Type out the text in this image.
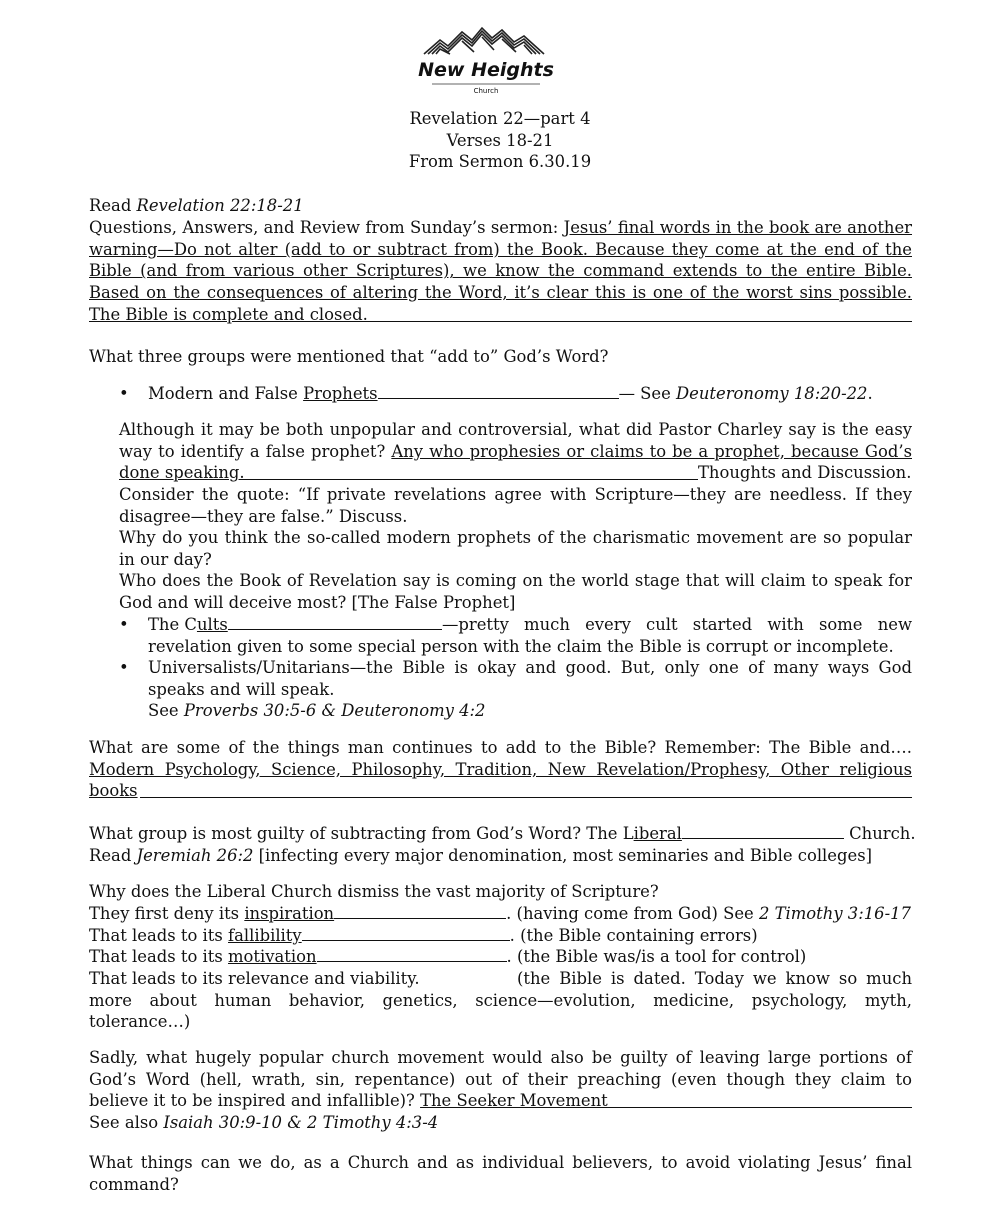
New Heights
Church
Revelation 22—part 4
Verses 18-21
From Sermon 6.30.19
Read Revelation 22:18-21
Questions, Answers, and Review from Sunday’s sermon: Jesus’ final words in the book are another warning—Do not alter (add to or subtract from) the Book. Because they come at the end of the Bible (and from various other Scriptures), we know the command extends to the entire Bible. Based on the consequences of altering the Word, it’s clear this is one of the worst sins possible. The Bible is complete and closed.
What three groups were mentioned that “add to” God’s Word?
• Modern and False Prophets	— See Deuteronomy 18:20-22.
Although it may be both unpopular and controversial, what did Pastor Charley say is the easy way to identify a false prophet? Any who prophesies or claims to be a prophet, because God’s done speaking.	Thoughts and Discussion.
Consider the quote: “If private revelations agree with Scripture—they are needless. If they disagree—they are false.” Discuss.
Why do you think the so-called modern prophets of the charismatic movement are so popular in our day?
Who does the Book of Revelation say is coming on the world stage that will claim to speak for God and will deceive most? [The False Prophet]
• The Cults	—pretty much every cult started with some new revelation given to some special person with the claim the Bible is corrupt or incomplete.
• Universalists/Unitarians—the Bible is okay and good. But, only one of many ways God speaks and will speak.
See Proverbs 30:5-6 & Deuteronomy 4:2
What are some of the things man continues to add to the Bible? Remember: The Bible and…. Modern Psychology, Science, Philosophy, Tradition, New Revelation/Prophesy, Other religious books
What group is most guilty of subtracting from God’s Word? The Liberal	Church.
Read Jeremiah 26:2 [infecting every major denomination, most seminaries and Bible colleges]
Why does the Liberal Church dismiss the vast majority of Scripture?
They first deny its inspiration	. (having come from God) See 2 Timothy 3:16-17
That leads to its fallibility	. (the Bible containing errors)
That leads to its motivation	. (the Bible was/is a tool for control)
That leads to its relevance and viability.	(the Bible is dated. Today we know so much more about human behavior, genetics, science—evolution, medicine, psychology, myth, tolerance…)
Sadly, what hugely popular church movement would also be guilty of leaving large portions of God’s Word (hell, wrath, sin, repentance) out of their preaching (even though they claim to believe it to be inspired and infallible)? The Seeker Movement
See also Isaiah 30:9-10 & 2 Timothy 4:3-4
What things can we do, as a Church and as individual believers, to avoid violating Jesus’ final command?
